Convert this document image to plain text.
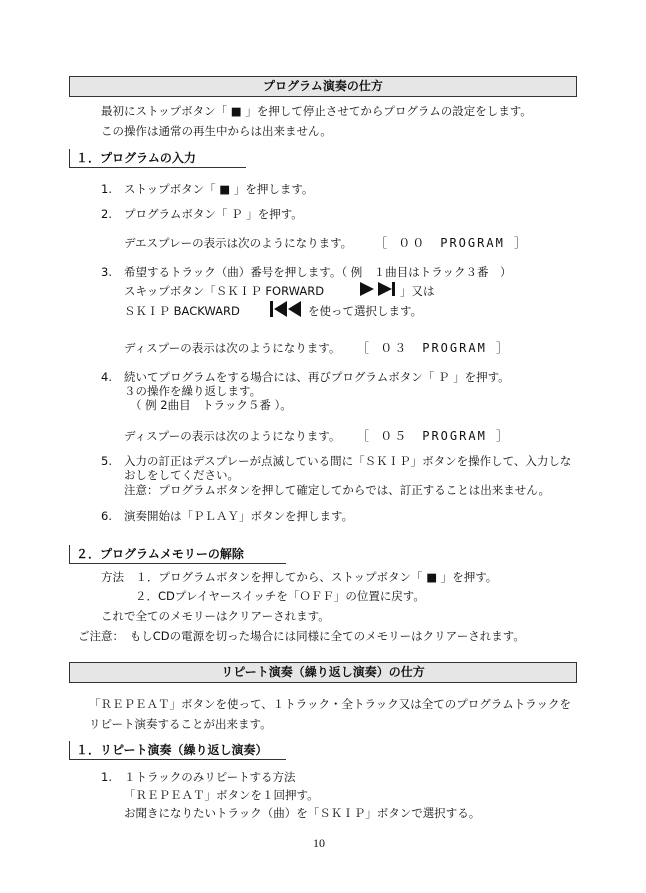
プログラム演奏の仕方
最初にストップボタン「 ■ 」を押して停止させてからプログラムの設定をします。
この操作は通常の再生中からは出来ません。
１．プログラムの入力
1. ストップボタン「 ■ 」を押します。
2. プログラムボタン「 Ｐ 」を押す。
デエスプレーの表示は次のようになります。 ［ ００　PROGRAM ］
3. 希望するトラック（曲）番号を押します。（ 例　１曲目はトラック３番　）
スキップボタン「ＳＫＩＰ FORWARD	」又は
ＳＫＩＰ BACKWARD	を使って選択します。
ディスプーの表示は次のようになります。 ［ ０３　PROGRAM ］
4. 続いてプログラムをする場合には、再びプログラムボタン「 Ｐ 」を押す。
３の操作を繰り返します。
（ 例 2曲目　トラック５番 ）。
ディスプーの表示は次のようになります。 ［ ０５　PROGRAM ］
5. 入力の訂正はデスプレーが点滅している間に「ＳＫＩＰ」ボタンを操作して、入力しな
おしをしてください。
注意：プログラムボタンを押して確定してからでは、訂正することは出来ません。
6. 演奏開始は「ＰＬＡＹ」ボタンを押します。
２．プログラムメモリーの解除
方法　１．プログラムボタンを押してから、ストップボタン「 ■ 」を押す。
２．CDプレイヤースイッチを「ＯＦＦ」の位置に戻す。
これで全てのメモリーはクリアーされます。
ご注意：　もしCDの電源を切った場合には同様に全てのメモリーはクリアーされます。
リピート演奏（繰り返し演奏）の仕方
「ＲＥＰＥＡＴ」ボタンを使って、１トラック・全トラック又は全てのプログラムトラックを
リピート演奏することが出来ます。
１．リピート演奏（繰り返し演奏）
1. １トラックのみリピートする方法
「ＲＥＰＥＡＴ」ボタンを１回押す。
お聞きになりたいトラック（曲）を「ＳＫＩＰ」ボタンで選択する。
10
